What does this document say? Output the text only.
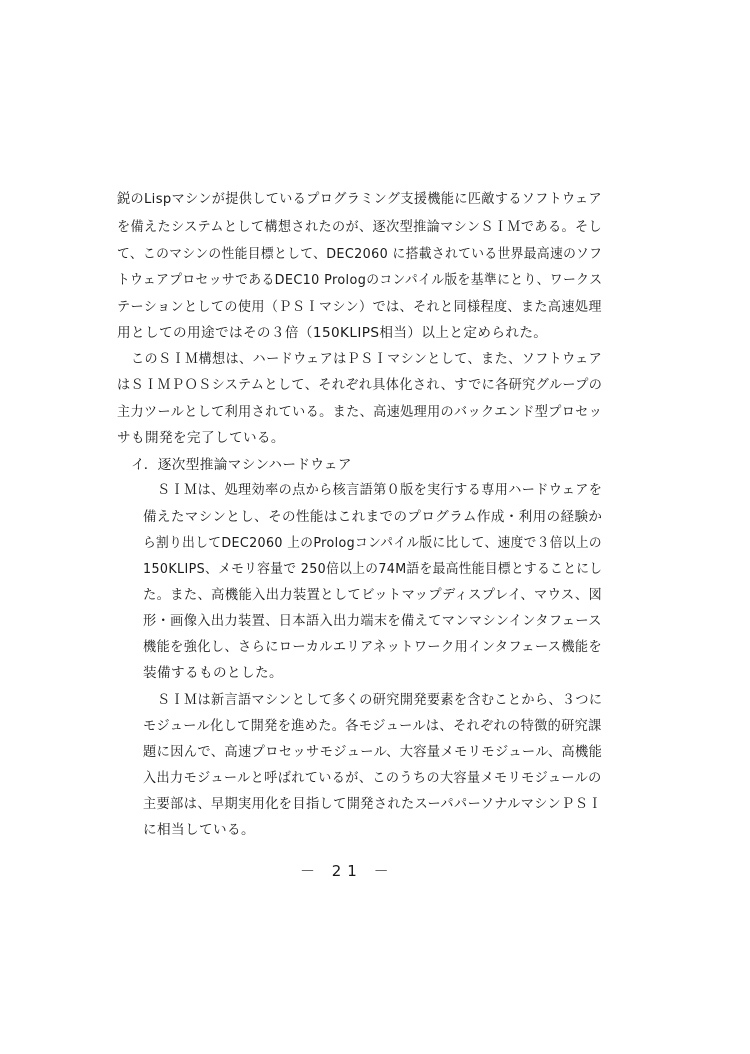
鋭のLispマシンが提供しているプログラミング支援機能に匹敵するソフトウェア
を備えたシステムとして構想されたのが、逐次型推論マシンＳＩＭである。そし
て、このマシンの性能目標として、DEC2060 に搭載されている世界最高速のソフ
トウェアプロセッサであるDEC10 Prologのコンパイル版を基準にとり、ワークス
テーションとしての使用（ＰＳＩマシン）では、それと同様程度、また高速処理
用としての用途ではその３倍（150KLIPS相当）以上と定められた。
このＳＩＭ構想は、ハードウェアはＰＳＩマシンとして、また、ソフトウェア
はＳＩＭＰＯＳシステムとして、それぞれ具体化され、すでに各研究グループの
主力ツールとして利用されている。また、高速処理用のバックエンド型プロセッ
サも開発を完了している。
イ．逐次型推論マシンハードウェア
ＳＩＭは、処理効率の点から核言語第０版を実行する専用ハードウェアを
備えたマシンとし、その性能はこれまでのプログラム作成・利用の経験か
ら割り出してDEC2060 上のPrologコンパイル版に比して、速度で３倍以上の
150KLIPS、メモリ容量で 250倍以上の74M語を最高性能目標とすることにし
た。また、高機能入出力装置としてビットマップディスプレイ、マウス、図
形・画像入出力装置、日本語入出力端末を備えてマンマシンインタフェース
機能を強化し、さらにローカルエリアネットワーク用インタフェース機能を
装備するものとした。
ＳＩＭは新言語マシンとして多くの研究開発要素を含むことから、３つに
モジュール化して開発を進めた。各モジュールは、それぞれの特徴的研究課
題に因んで、高速プロセッサモジュール、大容量メモリモジュール、高機能
入出力モジュールと呼ばれているが、このうちの大容量メモリモジュールの
主要部は、早期実用化を目指して開発されたスーパパーソナルマシンＰＳＩ
に相当している。
－ 21 －
